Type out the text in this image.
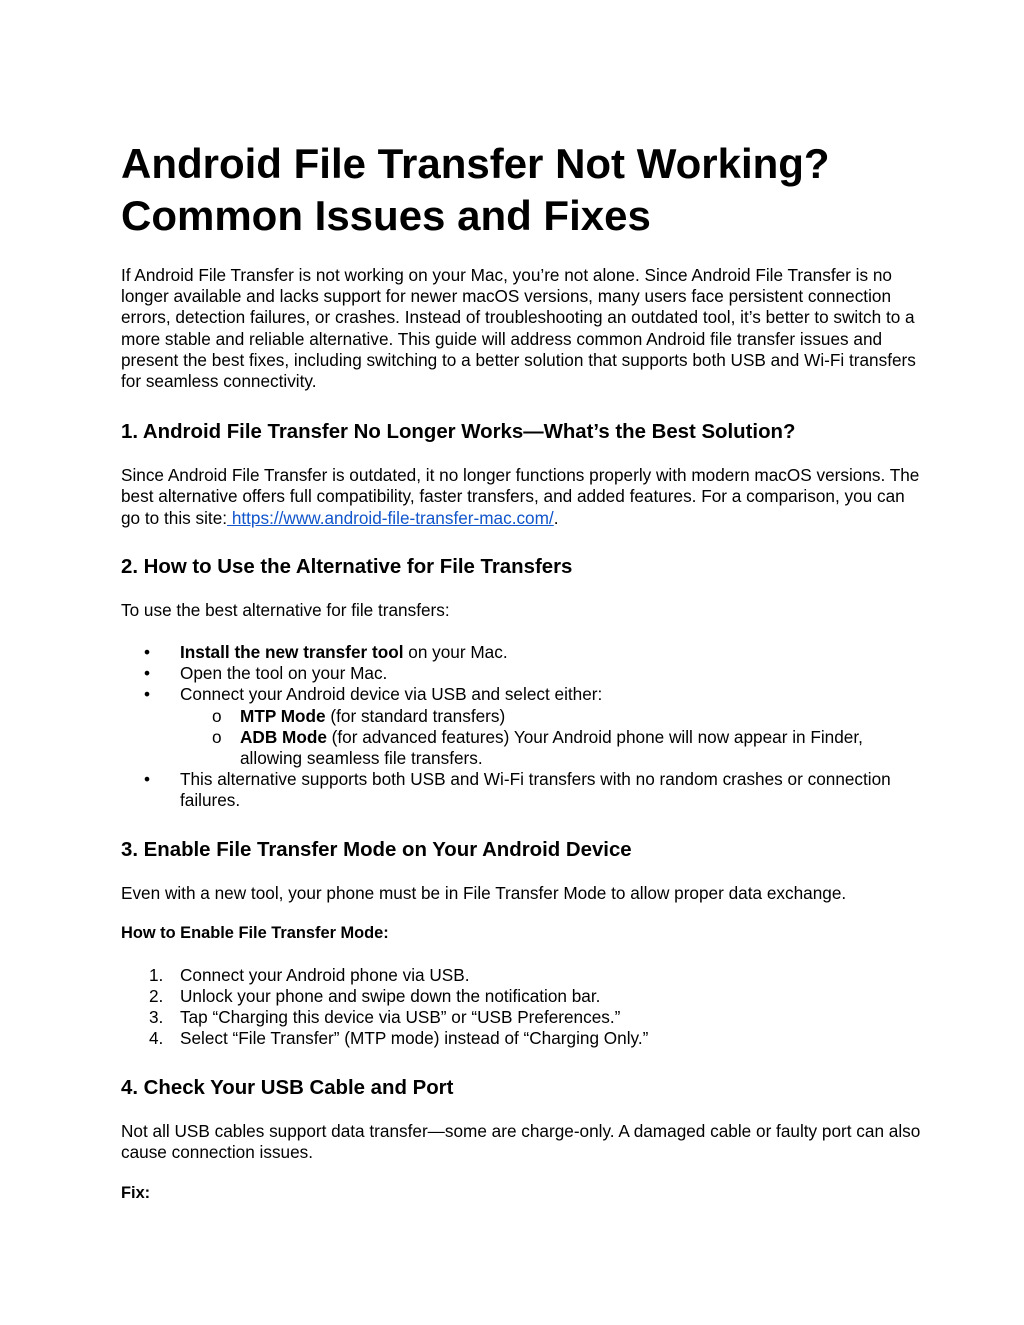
Android File Transfer Not Working? Common Issues and Fixes

If Android File Transfer is not working on your Mac, you’re not alone. Since Android File Transfer is no longer available and lacks support for newer macOS versions, many users face persistent connection errors, detection failures, or crashes. Instead of troubleshooting an outdated tool, it’s better to switch to a more stable and reliable alternative. This guide will address common Android file transfer issues and present the best fixes, including switching to a better solution that supports both USB and Wi-Fi transfers for seamless connectivity.

1. Android File Transfer No Longer Works—What’s the Best Solution?

Since Android File Transfer is outdated, it no longer functions properly with modern macOS versions. The best alternative offers full compatibility, faster transfers, and added features. For a comparison, you can go to this site: https://www.android-file-transfer-mac.com/.

2. How to Use the Alternative for File Transfers

To use the best alternative for file transfers:

•	Install the new transfer tool on your Mac.
•	Open the tool on your Mac.
•	Connect your Android device via USB and select either:
o	MTP Mode (for standard transfers)
o	ADB Mode (for advanced features) Your Android phone will now appear in Finder, allowing seamless file transfers.
•	This alternative supports both USB and Wi-Fi transfers with no random crashes or connection failures.
3. Enable File Transfer Mode on Your Android Device

Even with a new tool, your phone must be in File Transfer Mode to allow proper data exchange.

How to Enable File Transfer Mode:
1. Connect your Android phone via USB.
2. Unlock your phone and swipe down the notification bar.
3. Tap “Charging this device via USB” or “USB Preferences.”
4. Select “File Transfer” (MTP mode) instead of “Charging Only.”
4. Check Your USB Cable and Port

Not all USB cables support data transfer—some are charge-only. A damaged cable or faulty port can also cause connection issues.

Fix:
